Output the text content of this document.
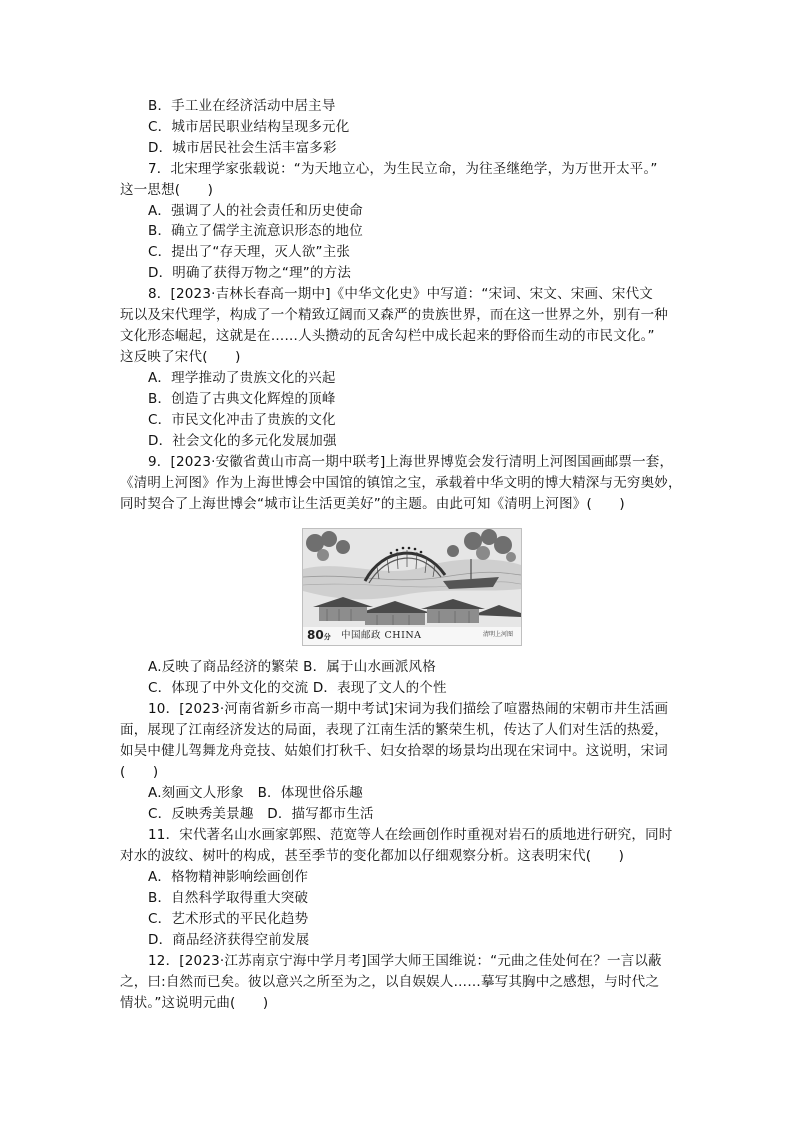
B．手工业在经济活动中居主导
C．城市居民职业结构呈现多元化
D．城市居民社会生活丰富多彩
7．北宋理学家张载说：“为天地立心，为生民立命，为往圣继绝学，为万世开太平。”
这一思想(　　)
A．强调了人的社会责任和历史使命
B．确立了儒学主流意识形态的地位
C．提出了“存天理，灭人欲”主张
D．明确了获得万物之“理”的方法
8．[2023·吉林长春高一期中]《中华文化史》中写道：“宋词、宋文、宋画、宋代文
玩以及宋代理学，构成了一个精致辽阔而又森严的贵族世界，而在这一世界之外，别有一种
文化形态崛起，这就是在……人头攒动的瓦舍勾栏中成长起来的野俗而生动的市民文化。”
这反映了宋代(　　)
A．理学推动了贵族文化的兴起
B．创造了古典文化辉煌的顶峰
C．市民文化冲击了贵族的文化
D．社会文化的多元化发展加强
9．[2023·安徽省黄山市高一期中联考]上海世界博览会发行清明上河图国画邮票一套，
《清明上河图》作为上海世博会中国馆的镇馆之宝，承载着中华文明的博大精深与无穷奥妙，
同时契合了上海世博会“城市让生活更美好”的主题。由此可知《清明上河图》(　　)
80分 中国邮政 CHINA	清明上河图
A.反映了商品经济的繁荣 B．属于山水画派风格
C．体现了中外文化的交流 D．表现了文人的个性
10．[2023·河南省新乡市高一期中考试]宋词为我们描绘了喧嚣热闹的宋朝市井生活画
面，展现了江南经济发达的局面，表现了江南生活的繁荣生机，传达了人们对生活的热爱，
如吴中健儿驾舞龙舟竞技、姑娘们打秋千、妇女拾翠的场景均出现在宋词中。这说明，宋词
(　　)
A.刻画文人形象　B．体现世俗乐趣
C．反映秀美景趣　D．描写都市生活
11．宋代著名山水画家郭熙、范宽等人在绘画创作时重视对岩石的质地进行研究，同时
对水的波纹、树叶的构成，甚至季节的变化都加以仔细观察分析。这表明宋代(　　)
A．格物精神影响绘画创作
B．自然科学取得重大突破
C．艺术形式的平民化趋势
D．商品经济获得空前发展
12．[2023·江苏南京宁海中学月考]国学大师王国维说：“元曲之佳处何在？一言以蔽
之，曰:自然而已矣。彼以意兴之所至为之，以自娱娱人……摹写其胸中之感想，与时代之
情状。”这说明元曲(　　)
